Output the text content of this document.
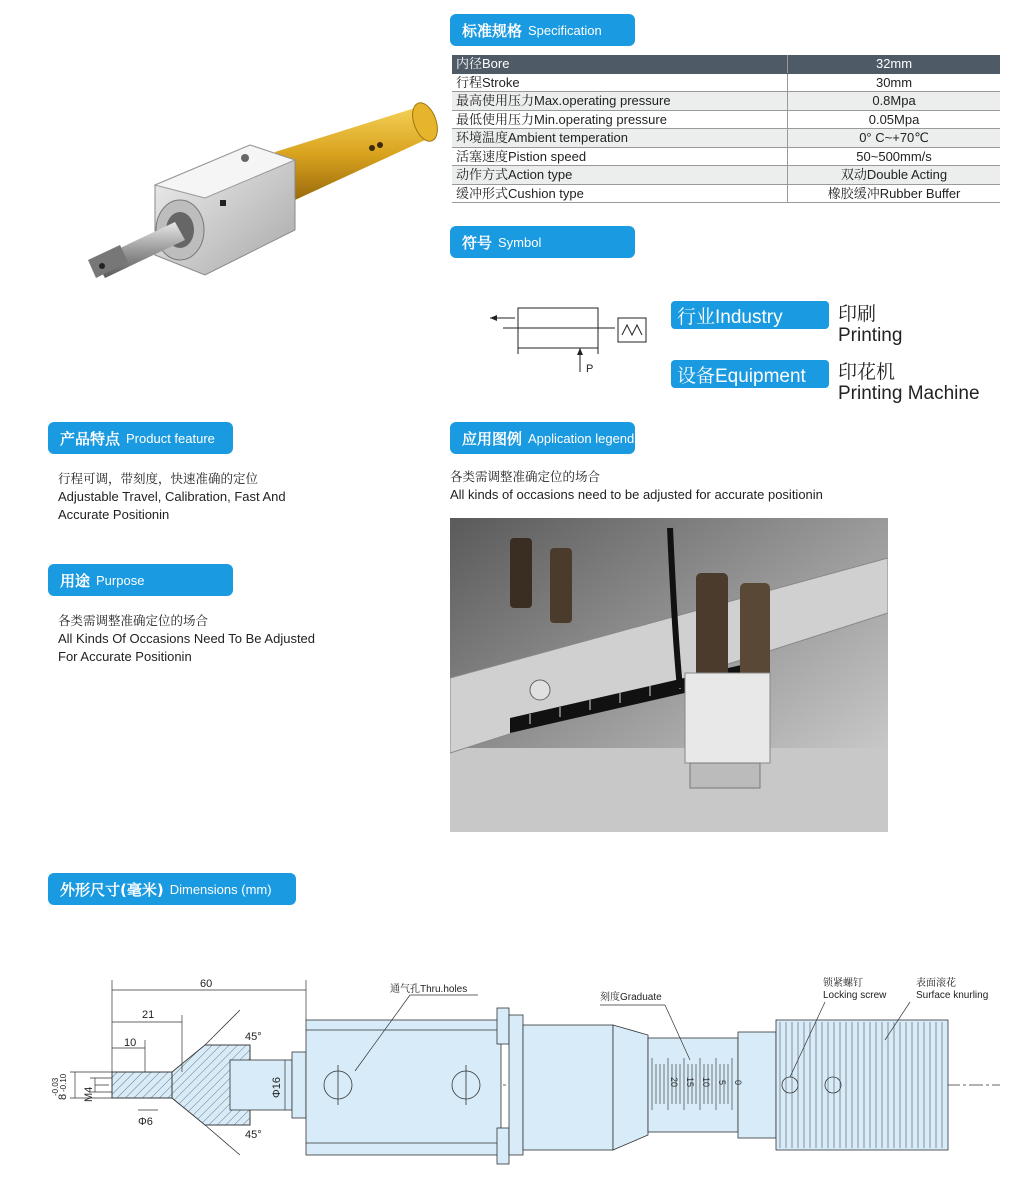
标准规格 Specification
内径Bore	32mm
行程Stroke	30mm
最高使用压力Max.operating pressure	0.8Mpa
最低使用压力Min.operating pressure	0.05Mpa
环境温度Ambient temperation	0° C~+70℃
活塞速度Pistion speed	50~500mm/s
动作方式Action type	双动Double Acting
缓冲形式Cushion type	橡胶缓冲Rubber Buffer
符号 Symbol
P
行业Industry	印刷
Printing
设备Equipment	印花机
Printing Machine
产品特点 Product feature
行程可调，带刻度，快速准确的定位
Adjustable Travel, Calibration, Fast And
Accurate Positionin
用途 Purpose
各类需调整准确定位的场合
All Kinds Of Occasions Need To Be Adjusted
For Accurate Positionin
应用图例 Application legend
各类需调整准确定位的场合
All kinds of occasions need to be adjusted for accurate positionin
外形尺寸(毫米) Dimensions (mm)
0
5
10
15
20
60
21
10	45°
45°
Φ16
Φ6
M4
8
-0.03 -0.10
通气孔Thru.holes
刻度Graduate
锁紧螺钉
Locking screw
表面滚花
Surface knurling
